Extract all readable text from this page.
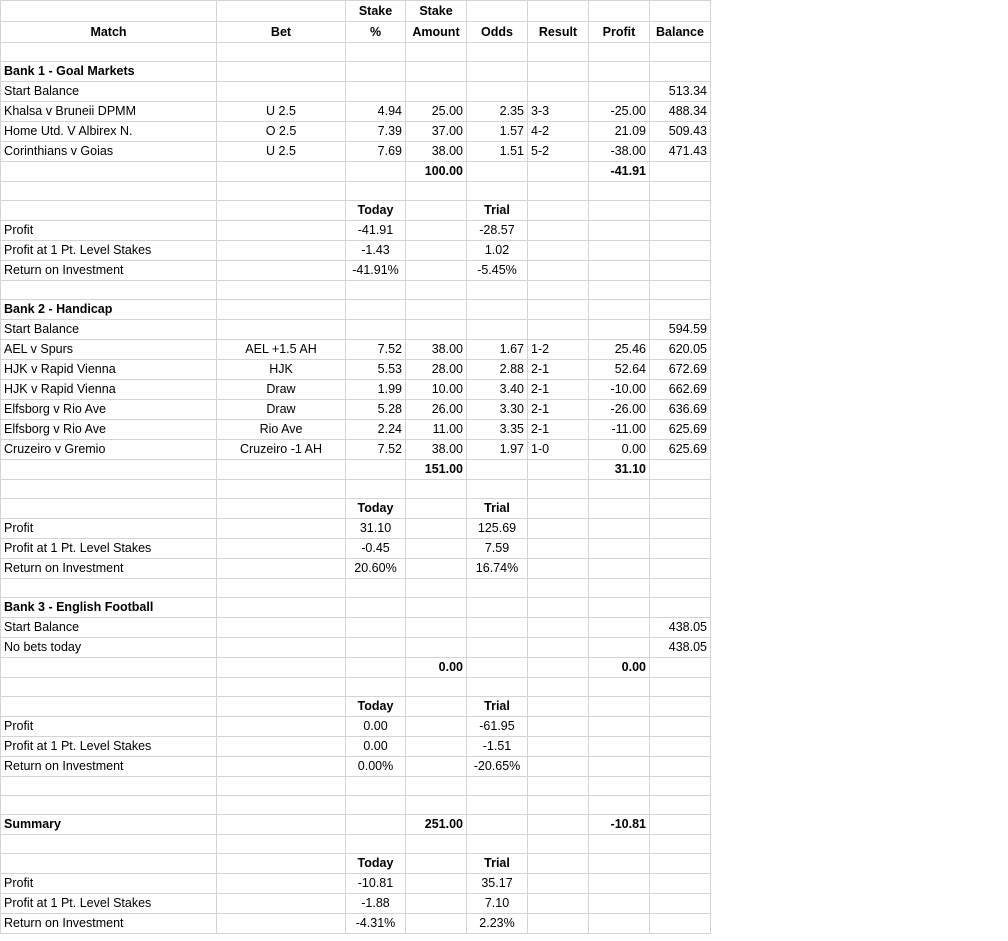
		Stake	Stake				
Match	Bet	%	Amount	Odds	Result	Profit	Balance

Bank 1 - Goal Markets							
Start Balance							513.34
Khalsa v Bruneii DPMM	U 2.5	4.94	25.00	2.35	3-3	-25.00	488.34
Home Utd. V Albirex N.	O 2.5	7.39	37.00	1.57	4-2	21.09	509.43
Corinthians v Goias	U 2.5	7.69	38.00	1.51	5-2	-38.00	471.43
			100.00			-41.91	

		Today		Trial			
Profit		-41.91		-28.57			
Profit at 1 Pt. Level Stakes		-1.43		1.02			
Return on Investment		-41.91%		-5.45%			

Bank 2 - Handicap							
Start Balance							594.59
AEL v Spurs	AEL +1.5 AH	7.52	38.00	1.67	1-2	25.46	620.05
HJK v Rapid Vienna	HJK	5.53	28.00	2.88	2-1	52.64	672.69
HJK v Rapid Vienna	Draw	1.99	10.00	3.40	2-1	-10.00	662.69
Elfsborg v Rio Ave	Draw	5.28	26.00	3.30	2-1	-26.00	636.69
Elfsborg v Rio Ave	Rio Ave	2.24	11.00	3.35	2-1	-11.00	625.69
Cruzeiro v Gremio	Cruzeiro -1 AH	7.52	38.00	1.97	1-0	0.00	625.69
			151.00			31.10	

		Today		Trial			
Profit		31.10		125.69			
Profit at 1 Pt. Level Stakes		-0.45		7.59			
Return on Investment		20.60%		16.74%			

Bank 3 - English Football							
Start Balance							438.05
No bets today							438.05
			0.00			0.00	

		Today		Trial			
Profit		0.00		-61.95			
Profit at 1 Pt. Level Stakes		0.00		-1.51			
Return on Investment		0.00%		-20.65%			

Summary			251.00			-10.81	

		Today		Trial			
Profit		-10.81		35.17			
Profit at 1 Pt. Level Stakes		-1.88		7.10			
Return on Investment		-4.31%		2.23%			
